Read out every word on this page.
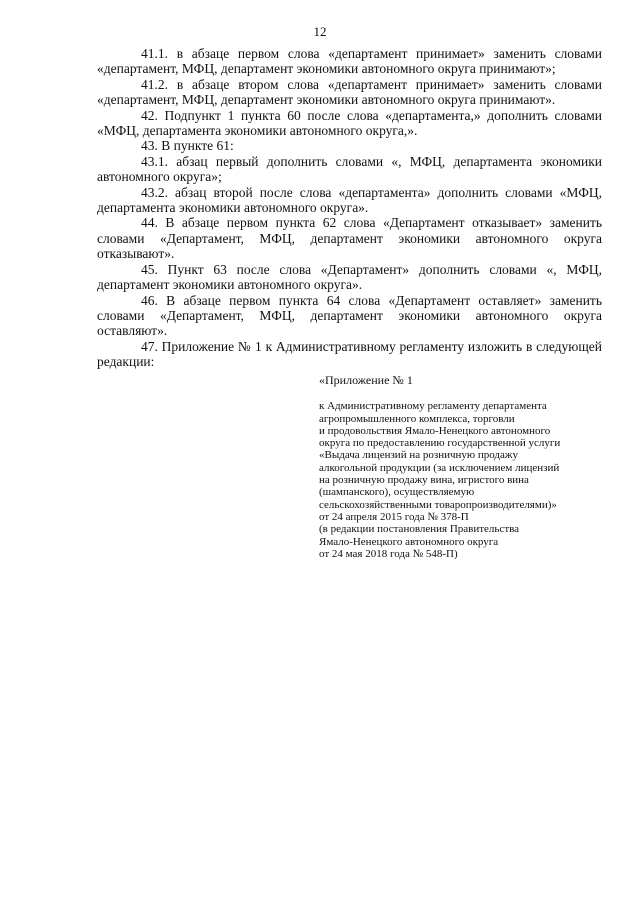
12

41.1. в абзаце первом слова «департамент принимает» заменить словами «департамент, МФЦ, департамент экономики автономного округа принимают»;

41.2. в абзаце втором слова «департамент принимает» заменить словами «департамент, МФЦ, департамент экономики автономного округа принимают».

42. Подпункт 1 пункта 60 после слова «департамента,» дополнить словами «МФЦ, департамента экономики автономного округа,».

43. В пункте 61:

43.1. абзац первый дополнить словами «, МФЦ, департамента экономики автономного округа»;

43.2. абзац второй после слова «департамента» дополнить словами «МФЦ, департамента экономики автономного округа».

44. В абзаце первом пункта 62 слова «Департамент отказывает» заменить словами «Департамент, МФЦ, департамент экономики автономного округа отказывают».

45. Пункт 63 после слова «Департамент» дополнить словами «, МФЦ, департамент экономики автономного округа».

46. В абзаце первом пункта 64 слова «Департамент оставляет» заменить словами «Департамент, МФЦ, департамент экономики автономного округа оставляют».

47. Приложение № 1 к Административному регламенту изложить в следующей редакции:

«Приложение № 1

к Административному регламенту департамента

агропромышленного комплекса, торговли

и продовольствия Ямало-Ненецкого автономного

округа по предоставлению государственной услуги

«Выдача лицензий на розничную продажу

алкогольной продукции (за исключением лицензий

на розничную продажу вина, игристого вина

(шампанского), осуществляемую

сельскохозяйственными товаропроизводителями)»

от 24 апреля 2015 года № 378-П

(в редакции постановления Правительства

Ямало-Ненецкого автономного округа

от 24 мая 2018 года № 548-П)
